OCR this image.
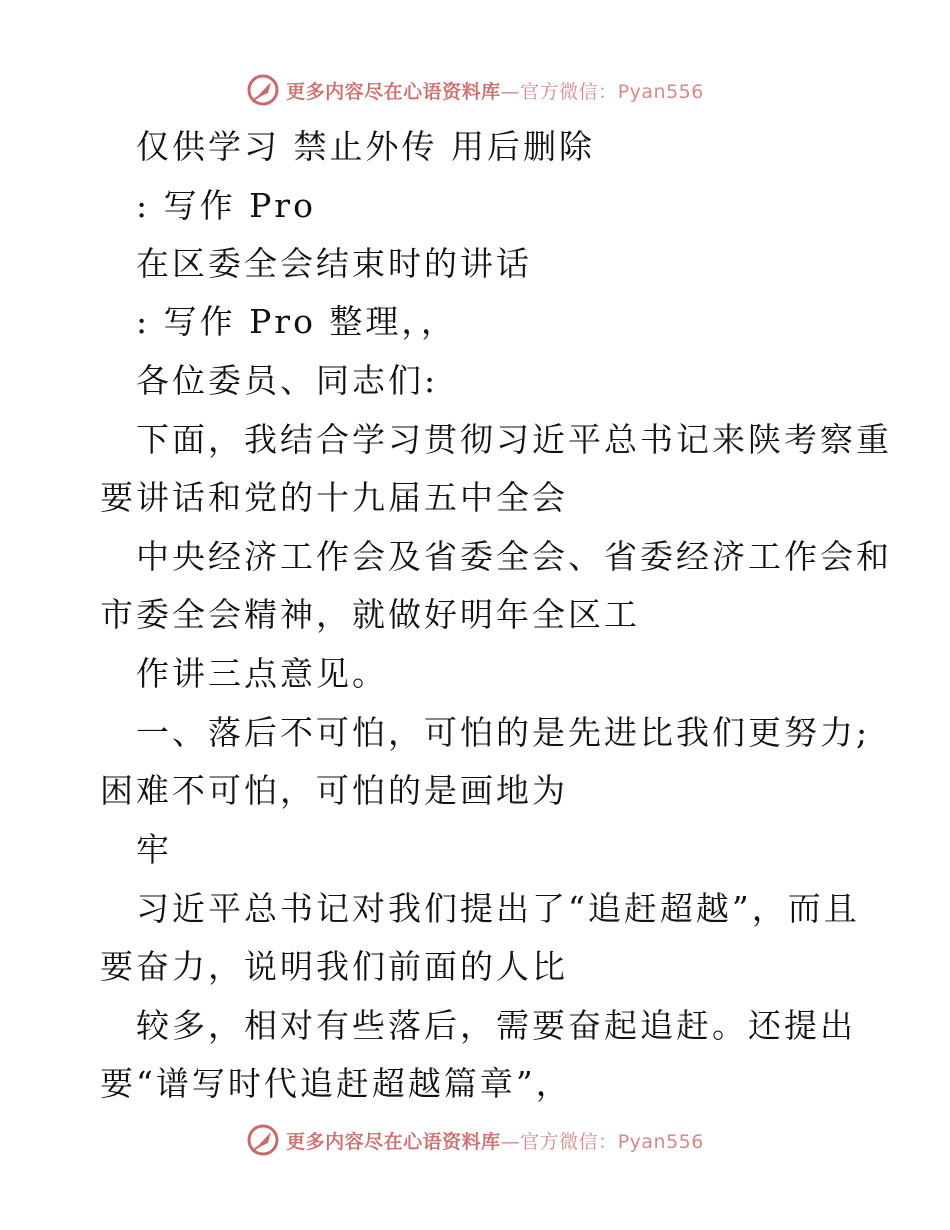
更多内容尽在心语资料库—官方微信：Pyan556
仅供学习 禁止外传 用后删除
: 写作 Pro
在区委全会结束时的讲话
: 写作 Pro 整理，，
各位委员、同志们:
下面，我结合学习贯彻习近平总书记来陕考察重
要讲话和党的十九届五中全会
中央经济工作会及省委全会、省委经济工作会和
市委全会精神，就做好明年全区工
作讲三点意见。
一、落后不可怕，可怕的是先进比我们更努力;
困难不可怕，可怕的是画地为
牢
习近平总书记对我们提出了“追赶超越”，而且
要奋力，说明我们前面的人比
较多，相对有些落后，需要奋起追赶。还提出
要“谱写时代追赶超越篇章”，
更多内容尽在心语资料库—官方微信：Pyan556
